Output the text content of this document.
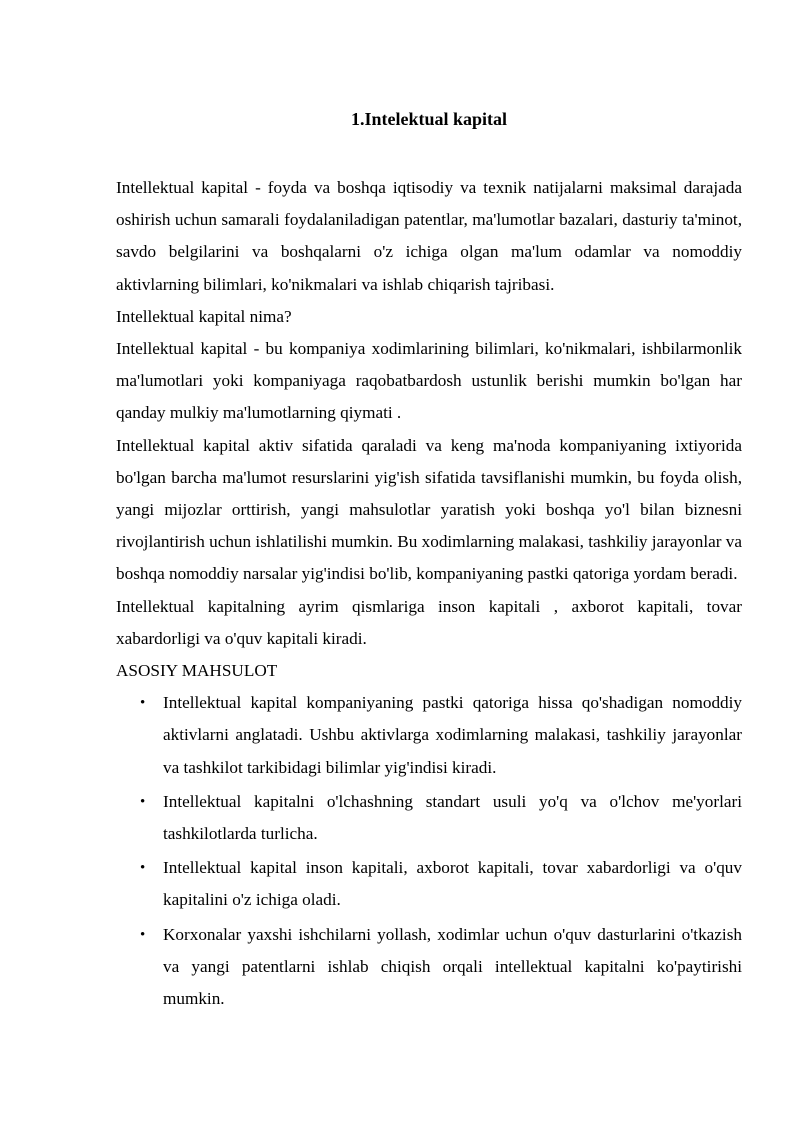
1.Intelektual kapital

Intellektual kapital - foyda va boshqa iqtisodiy va texnik natijalarni maksimal darajada oshirish uchun samarali foydalaniladigan patentlar, ma'lumotlar bazalari, dasturiy ta'minot, savdo belgilarini va boshqalarni o'z ichiga olgan ma'lum odamlar va nomoddiy aktivlarning bilimlari, ko'nikmalari va ishlab chiqarish tajribasi.

Intellektual kapital nima?

Intellektual kapital - bu kompaniya xodimlarining bilimlari, ko'nikmalari, ishbilarmonlik ma'lumotlari yoki kompaniyaga raqobatbardosh ustunlik berishi mumkin bo'lgan har qanday mulkiy ma'lumotlarning qiymati .

Intellektual kapital aktiv sifatida qaraladi va keng ma'noda kompaniyaning ixtiyorida bo'lgan barcha ma'lumot resurslarini yig'ish sifatida tavsiflanishi mumkin, bu foyda olish, yangi mijozlar orttirish, yangi mahsulotlar yaratish yoki boshqa yo'l bilan biznesni rivojlantirish uchun ishlatilishi mumkin. Bu xodimlarning malakasi, tashkiliy jarayonlar va boshqa nomoddiy narsalar yig'indisi bo'lib, kompaniyaning pastki qatoriga yordam beradi.

Intellektual kapitalning ayrim qismlariga inson kapitali , axborot kapitali, tovar xabardorligi va o'quv kapitali kiradi.

ASOSIY MAHSULOT

• Intellektual kapital kompaniyaning pastki qatoriga hissa qo'shadigan nomoddiy aktivlarni anglatadi. Ushbu aktivlarga xodimlarning malakasi, tashkiliy jarayonlar va tashkilot tarkibidagi bilimlar yig'indisi kiradi.
• Intellektual kapitalni o'lchashning standart usuli yo'q va o'lchov me'yorlari tashkilotlarda turlicha.
• Intellektual kapital inson kapitali, axborot kapitali, tovar xabardorligi va o'quv kapitalini o'z ichiga oladi.
• Korxonalar yaxshi ishchilarni yollash, xodimlar uchun o'quv dasturlarini o'tkazish va yangi patentlarni ishlab chiqish orqali intellektual kapitalni ko'paytirishi mumkin.
